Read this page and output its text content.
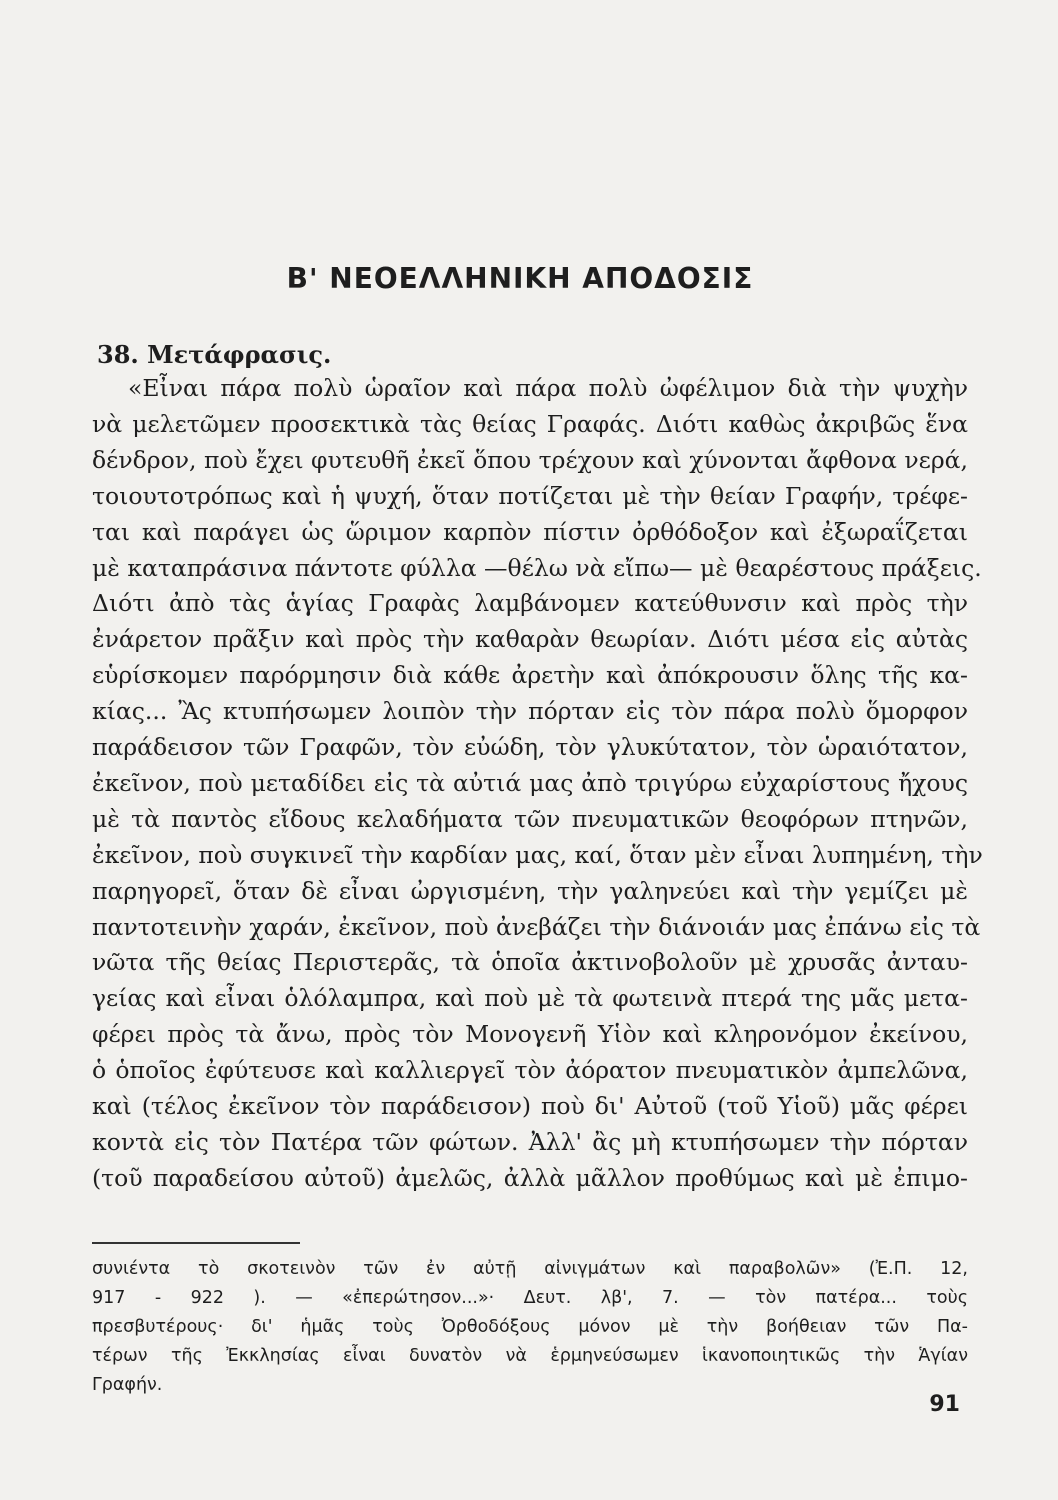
Β' ΝΕΟΕΛΛΗΝΙΚΗ ΑΠΟΔΟΣΙΣ
38. Μετάφρασις.
«Εἶναι πάρα πολὺ ὡραῖον καὶ πάρα πολὺ ὠφέλιμον διὰ τὴν ψυχὴν
νὰ μελετῶμεν προσεκτικὰ τὰς θείας Γραφάς. Διότι καθὼς ἀκριβῶς ἕνα
δένδρον, ποὺ ἔχει φυτευθῆ ἐκεῖ ὅπου τρέχουν καὶ χύνονται ἄφθονα νερά,
τοιουτοτρόπως καὶ ἡ ψυχή, ὅταν ποτίζεται μὲ τὴν θείαν Γραφήν, τρέφε-
ται καὶ παράγει ὡς ὥριμον καρπὸν πίστιν ὀρθόδοξον καὶ ἐξωραΐζεται
μὲ καταπράσινα πάντοτε φύλλα —θέλω νὰ εἴπω— μὲ θεαρέστους πράξεις.
Διότι ἀπὸ τὰς ἁγίας Γραφὰς λαμβάνομεν κατεύθυνσιν καὶ πρὸς τὴν
ἐνάρετον πρᾶξιν καὶ πρὸς τὴν καθαρὰν θεωρίαν. Διότι μέσα εἰς αὐτὰς
εὑρίσκομεν παρόρμησιν διὰ κάθε ἀρετὴν καὶ ἀπόκρουσιν ὅλης τῆς κα-
κίας... Ἂς κτυπήσωμεν λοιπὸν τὴν πόρταν εἰς τὸν πάρα πολὺ ὅμορφον
παράδεισον τῶν Γραφῶν, τὸν εὐώδη, τὸν γλυκύτατον, τὸν ὡραιότατον,
ἐκεῖνον, ποὺ μεταδίδει εἰς τὰ αὐτιά μας ἀπὸ τριγύρω εὐχαρίστους ἤχους
μὲ τὰ παντὸς εἴδους κελαδήματα τῶν πνευματικῶν θεοφόρων πτηνῶν,
ἐκεῖνον, ποὺ συγκινεῖ τὴν καρδίαν μας, καί, ὅταν μὲν εἶναι λυπημένη, τὴν
παρηγορεῖ, ὅταν δὲ εἶναι ὠργισμένη, τὴν γαληνεύει καὶ τὴν γεμίζει μὲ
παντοτεινὴν χαράν, ἐκεῖνον, ποὺ ἀνεβάζει τὴν διάνοιάν μας ἐπάνω εἰς τὰ
νῶτα τῆς θείας Περιστερᾶς, τὰ ὁποῖα ἀκτινοβολοῦν μὲ χρυσᾶς ἀνταυ-
γείας καὶ εἶναι ὁλόλαμπρα, καὶ ποὺ μὲ τὰ φωτεινὰ πτερά της μᾶς μετα-
φέρει πρὸς τὰ ἄνω, πρὸς τὸν Μονογενῆ Υἱὸν καὶ κληρονόμον ἐκείνου,
ὁ ὁποῖος ἐφύτευσε καὶ καλλιεργεῖ τὸν ἀόρατον πνευματικὸν ἀμπελῶνα,
καὶ (τέλος ἐκεῖνον τὸν παράδεισον) ποὺ δι' Αὐτοῦ (τοῦ Υἱοῦ) μᾶς φέρει
κοντὰ εἰς τὸν Πατέρα τῶν φώτων. Ἀλλ' ἂς μὴ κτυπήσωμεν τὴν πόρταν
(τοῦ παραδείσου αὐτοῦ) ἀμελῶς, ἀλλὰ μᾶλλον προθύμως καὶ μὲ ἐπιμο-
συνιέντα τὸ σκοτεινὸν τῶν ἐν αὐτῇ αἰνιγμάτων καὶ παραβολῶν» (Ἐ.Π. 12,
917 - 922 ). — «ἐπερώτησον...»· Δευτ. λβ', 7. — τὸν πατέρα... τοὺς
πρεσβυτέρους· δι' ἡμᾶς τοὺς Ὀρθοδόξους μόνον μὲ τὴν βοήθειαν τῶν Πα-
τέρων τῆς Ἐκκλησίας εἶναι δυνατὸν νὰ ἑρμηνεύσωμεν ἱκανοποιητικῶς τὴν Ἁγίαν
Γραφήν.
91
